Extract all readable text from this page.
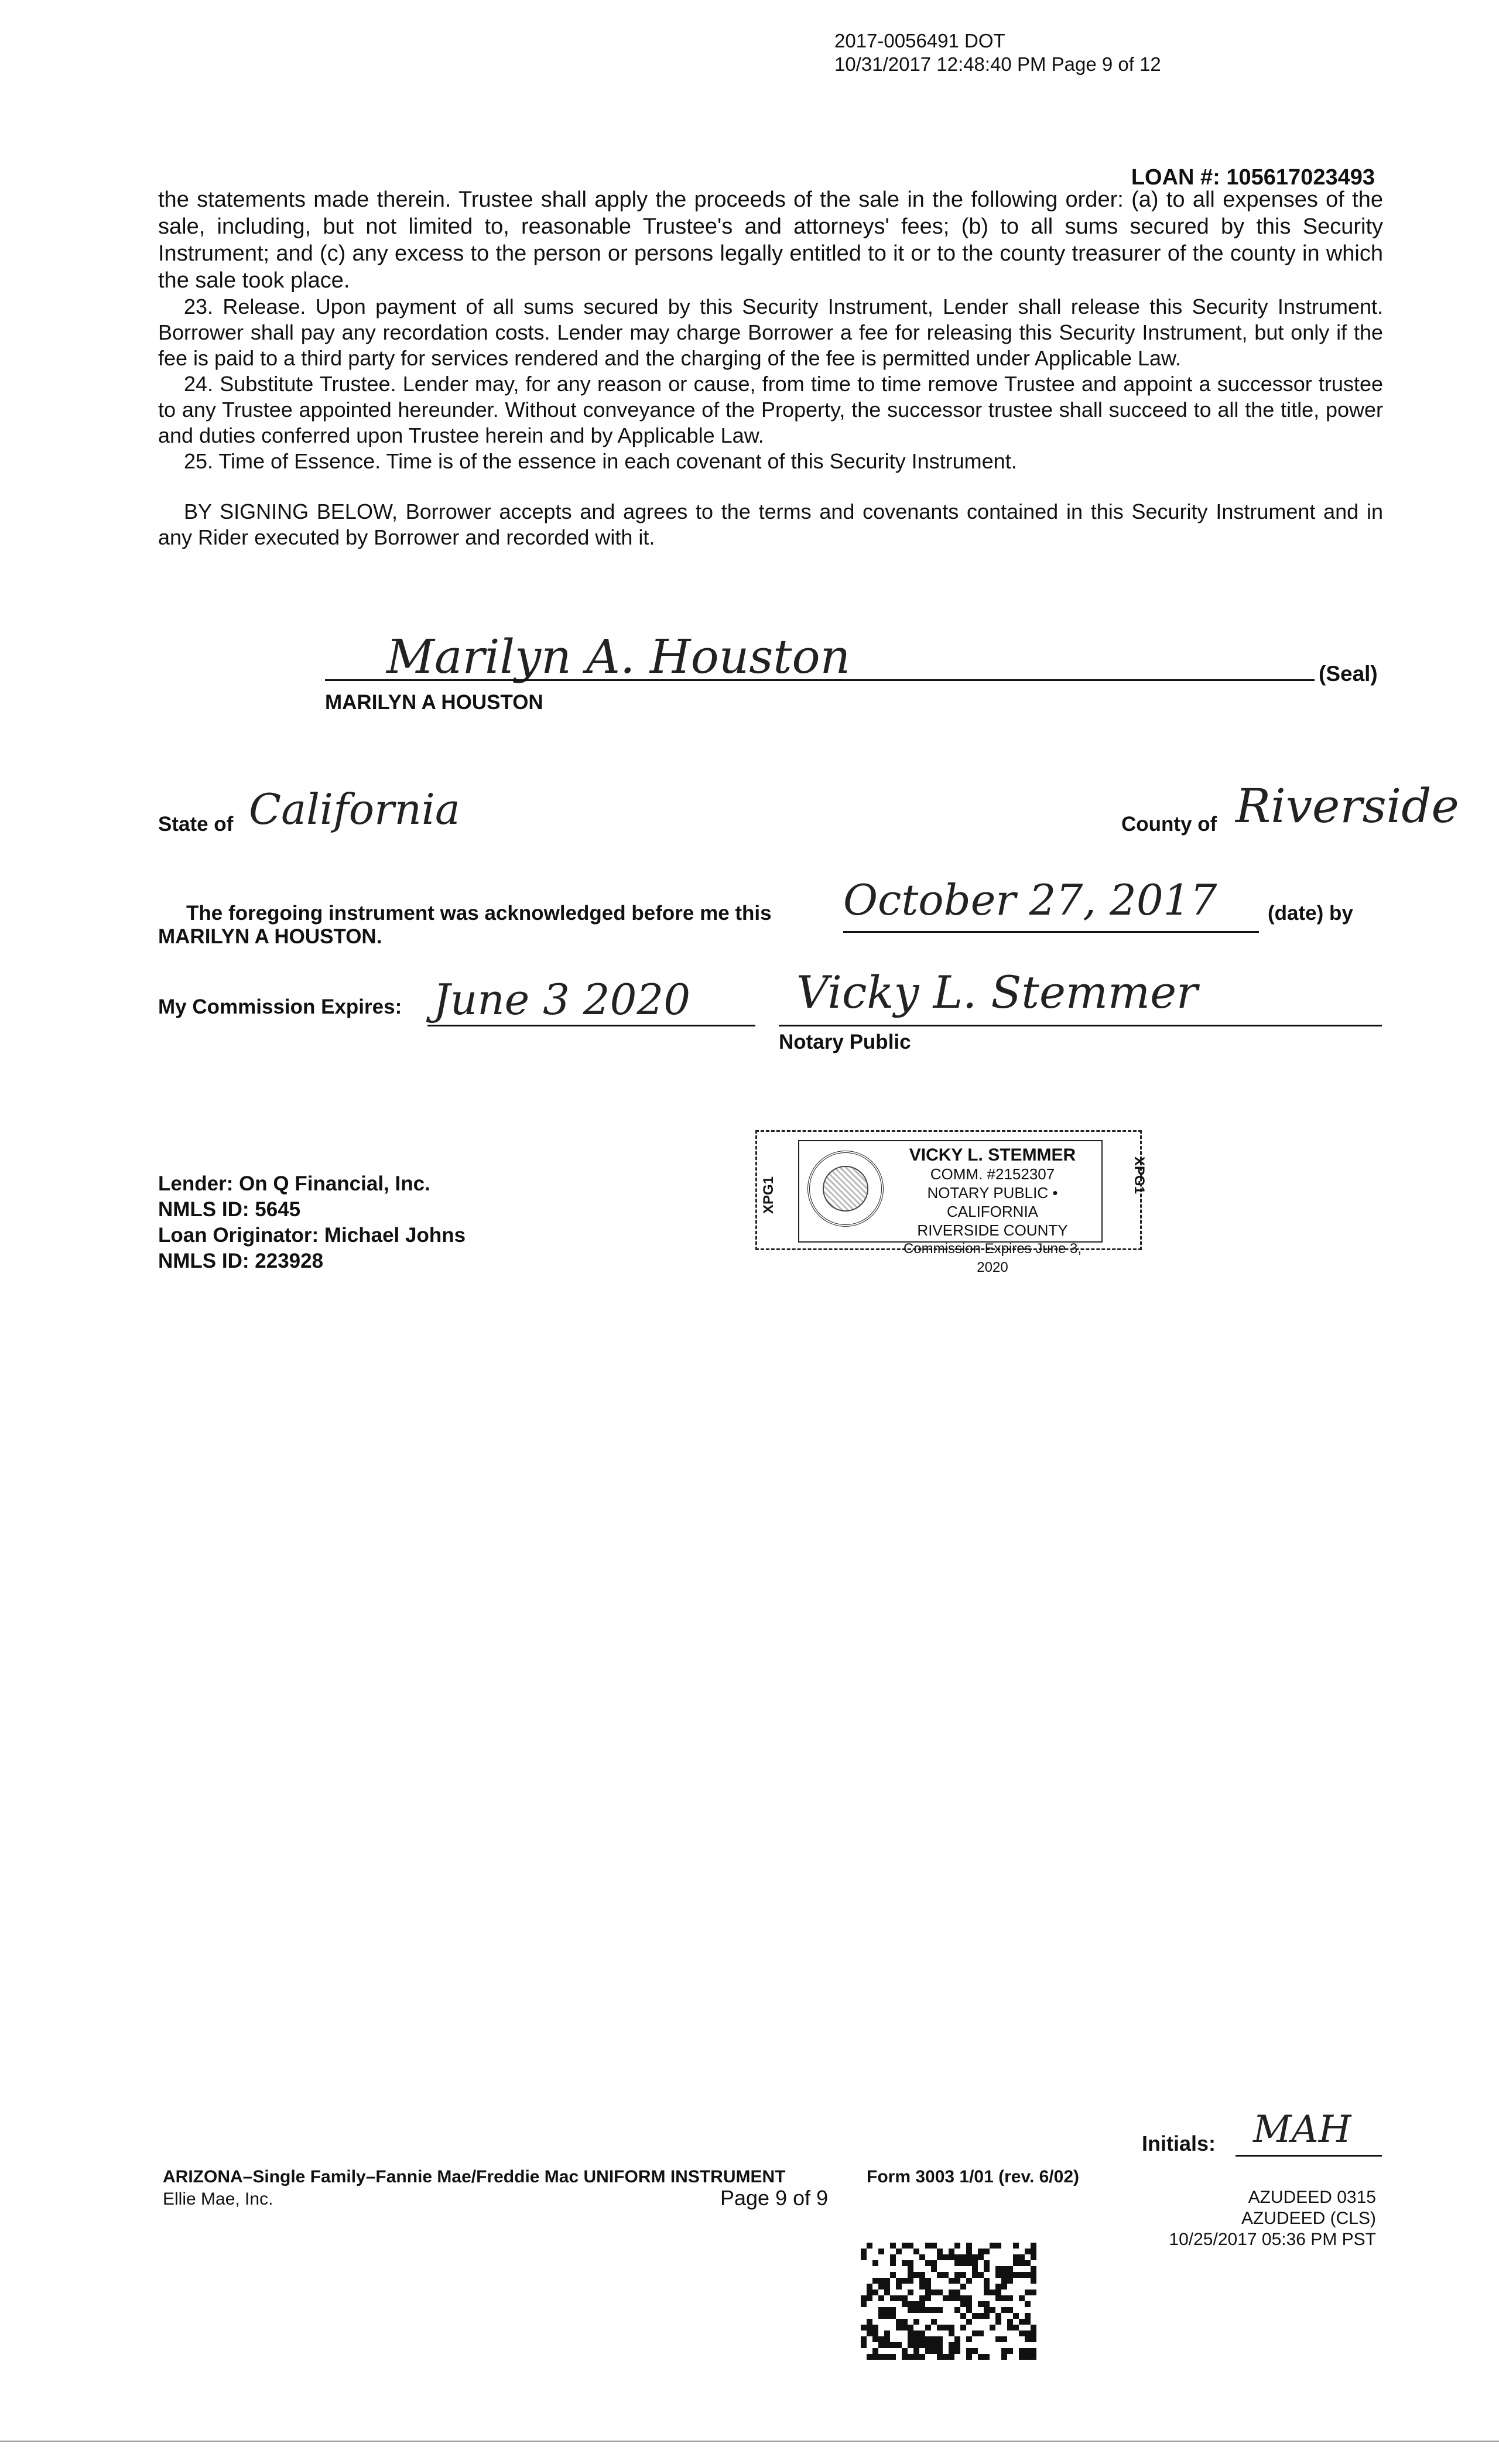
2017-0056491 DOT
10/31/2017 12:48:40 PM Page 9 of 12
LOAN #: 105617023493

the statements made therein. Trustee shall apply the proceeds of the sale in the following order: (a) to all expenses of the sale, including, but not limited to, reasonable Trustee's and attorneys' fees; (b) to all sums secured by this Security Instrument; and (c) any excess to the person or persons legally entitled to it or to the county treasurer of the county in which the sale took place.

23. Release. Upon payment of all sums secured by this Security Instrument, Lender shall release this Security Instrument. Borrower shall pay any recordation costs. Lender may charge Borrower a fee for releasing this Security Instrument, but only if the fee is paid to a third party for services rendered and the charging of the fee is permitted under Applicable Law.

24. Substitute Trustee. Lender may, for any reason or cause, from time to time remove Trustee and appoint a successor trustee to any Trustee appointed hereunder. Without conveyance of the Property, the successor trustee shall succeed to all the title, power and duties conferred upon Trustee herein and by Applicable Law.

25. Time of Essence. Time is of the essence in each covenant of this Security Instrument.

BY SIGNING BELOW, Borrower accepts and agrees to the terms and covenants contained in this Security Instrument and in any Rider executed by Borrower and recorded with it.

Marilyn A. Houston	(Seal)
MARILYN A HOUSTON
State of California	County of Riverside
The foregoing instrument was acknowledged before me this October 27, 2017 (date) by
MARILYN A HOUSTON.
My Commission Expires: June 3 2020 Vicky L. Stemmer
Notary Public
XPG1
XPG1
VICKY L. STEMMER
COMM. #2152307
NOTARY PUBLIC • CALIFORNIA
RIVERSIDE COUNTY
Commission Expires June 3, 2020
Lender: On Q Financial, Inc.
NMLS ID: 5645
Loan Originator: Michael Johns
NMLS ID: 223928
Initials: MAH
ARIZONA–Single Family–Fannie Mae/Freddie Mac UNIFORM INSTRUMENT	Form 3003 1/01 (rev. 6/02)
Ellie Mae, Inc.	Page 9 of 9	AZUDEED 0315
AZUDEED (CLS)
10/25/2017 05:36 PM PST
